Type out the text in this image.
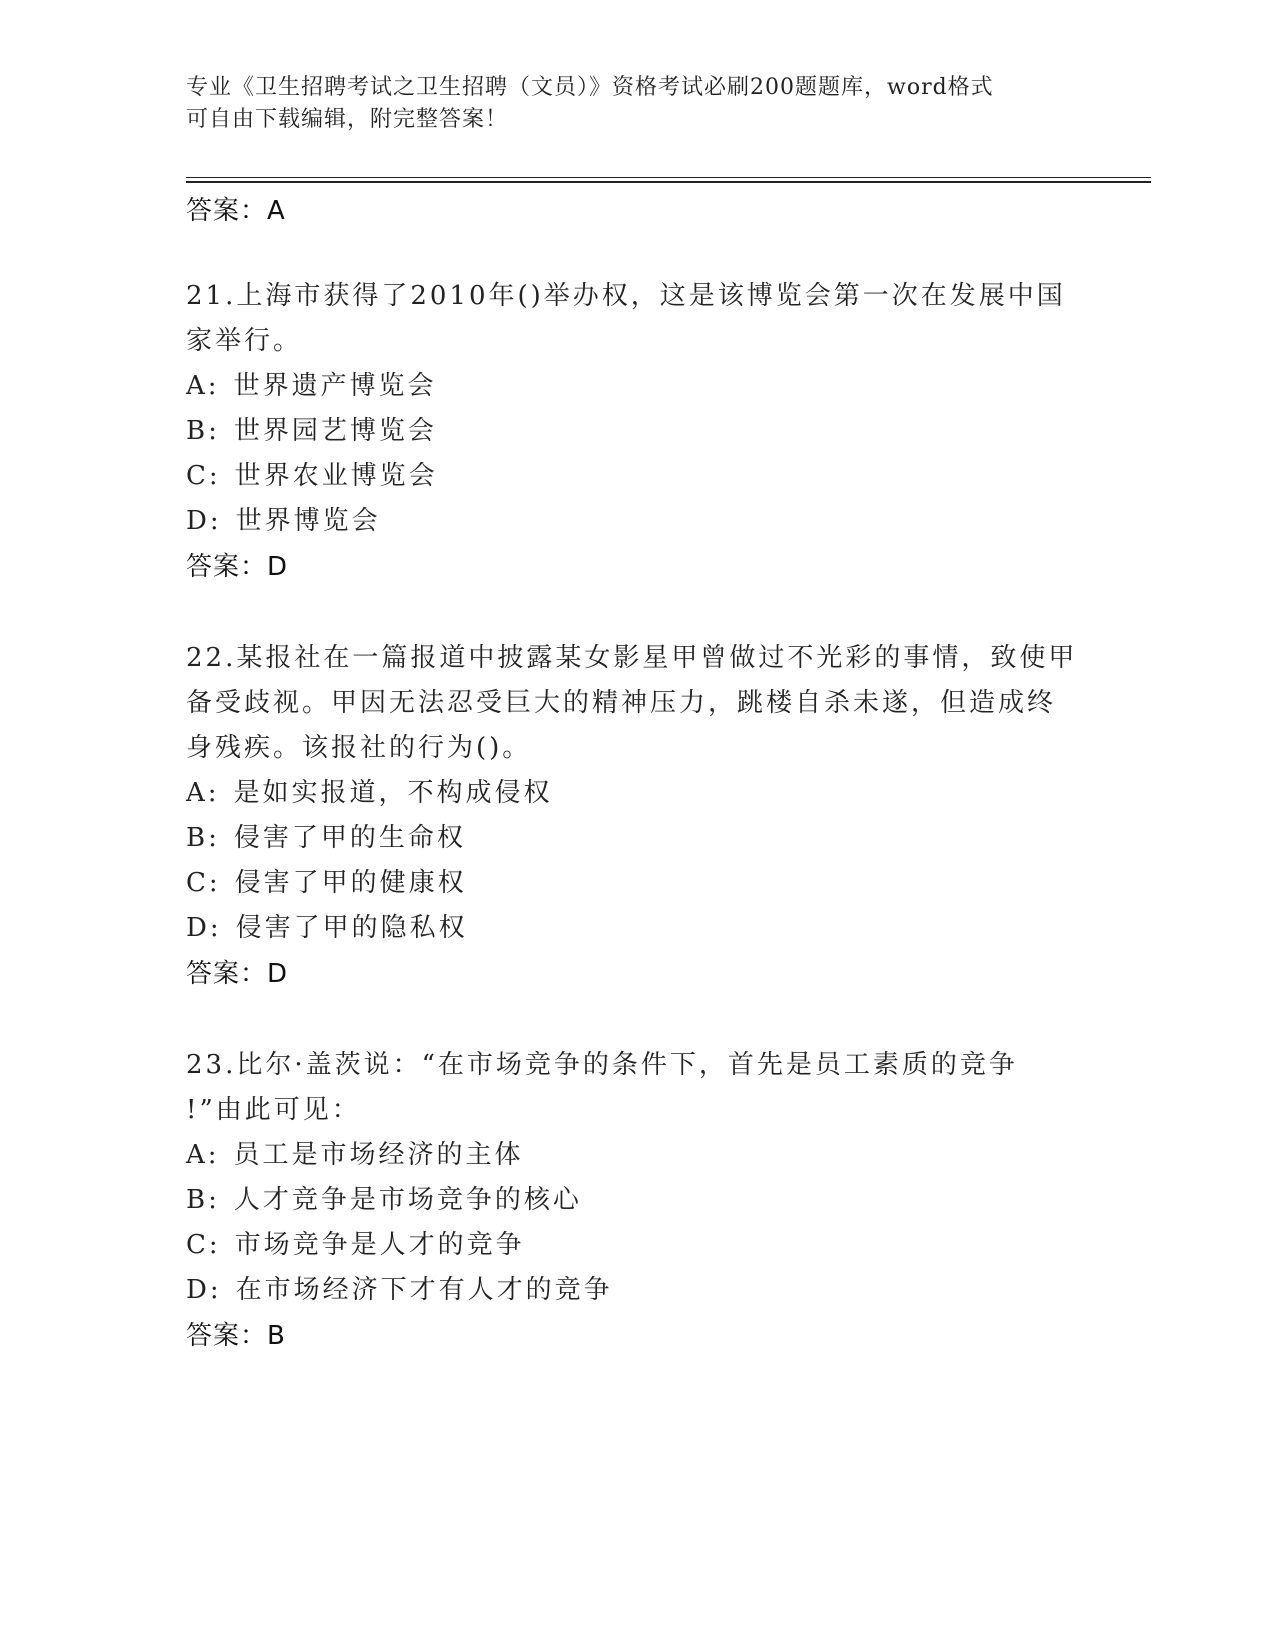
专业《卫生招聘考试之卫生招聘（文员）》资格考试必刷200题题库，word格式
可自由下载编辑，附完整答案！
答案：A
21.上海市获得了2010年()举办权，这是该博览会第一次在发展中国
家举行。
A: 世界遗产博览会
B: 世界园艺博览会
C: 世界农业博览会
D: 世界博览会
答案：D
22.某报社在一篇报道中披露某女影星甲曾做过不光彩的事情，致使甲
备受歧视。甲因无法忍受巨大的精神压力，跳楼自杀未遂，但造成终
身残疾。该报社的行为()。
A: 是如实报道，不构成侵权
B: 侵害了甲的生命权
C: 侵害了甲的健康权
D: 侵害了甲的隐私权
答案：D
23.比尔·盖茨说：“在市场竞争的条件下，首先是员工素质的竞争
!”由此可见：
A: 员工是市场经济的主体
B: 人才竞争是市场竞争的核心
C: 市场竞争是人才的竞争
D: 在市场经济下才有人才的竞争
答案：B
